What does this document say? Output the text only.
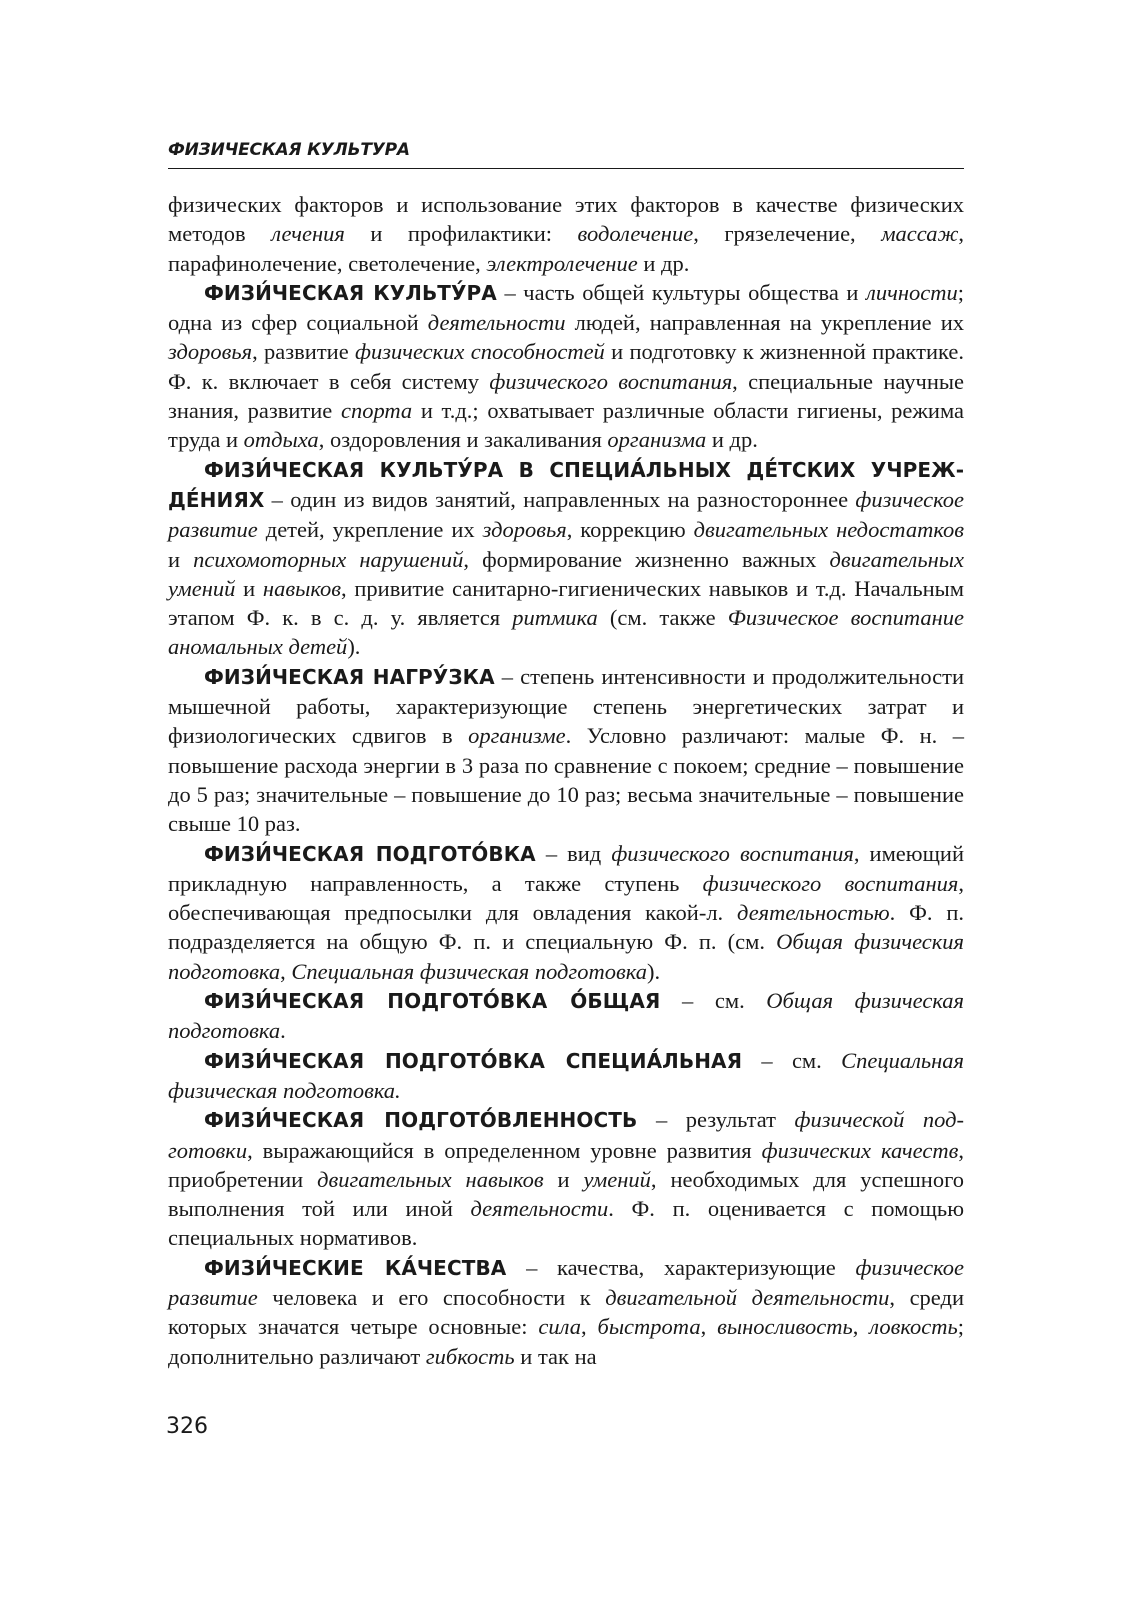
ФИЗИЧЕСКАЯ КУЛЬТУРА

физических факторов и использование этих факторов в качестве физических методов лечения и профилактики: водолечение, грязелечение, массаж, парафинолечение, светолечение, электролечение и др.

ФИЗИ́ЧЕСКАЯ КУЛЬТУ́РА – часть общей культуры общества и личности; одна из сфер социальной деятельности людей, направленная на укрепление их здоровья, развитие физических способностей и подготовку к жизненной практике. Ф. к. включает в себя систему физического воспитания, специальные научные знания, развитие спорта и т.д.; охватывает различные области гигиены, режима труда и отдыха, оздоровления и закаливания организма и др.

ФИЗИ́ЧЕСКАЯ КУЛЬТУ́РА В СПЕЦИА́ЛЬНЫХ ДЕ́ТСКИХ УЧРЕЖДЕ́НИЯХ – один из видов занятий, направленных на разностороннее физическое развитие детей, укрепление их здоровья, коррекцию двигательных недостатков и психомоторных нарушений, формирование жизненно важных двигательных умений и навыков, привитие санитарно-гигиенических навыков и т.д. Начальным этапом Ф. к. в с. д. у. является ритмика (см. также Физическое воспитание аномальных детей).

ФИЗИ́ЧЕСКАЯ НАГРУ́ЗКА – степень интенсивности и продолжительности мышечной работы, характеризующие степень энергетических затрат и физиологических сдвигов в организме. Условно различают: малые Ф. н. – повышение расхода энергии в 3 раза по сравнение с покоем; средние – повышение до 5 раз; значительные – повышение до 10 раз; весьма значительные – повышение свыше 10 раз.

ФИЗИ́ЧЕСКАЯ ПОДГОТО́ВКА – вид физического воспитания, имеющий прикладную направленность, а также ступень физического воспитания, обеспечивающая предпосылки для овладения какой-л. деятельностью. Ф. п. подразделяется на общую Ф. п. и специальную Ф. п. (см. Общая физическия подготовка, Специальная физическая подготовка).

ФИЗИ́ЧЕСКАЯ ПОДГОТО́ВКА О́БЩАЯ – см. Общая физическая подготовка.

ФИЗИ́ЧЕСКАЯ ПОДГОТО́ВКА СПЕЦИА́ЛЬНАЯ – см. Специальная физическая подготовка.

ФИЗИ́ЧЕСКАЯ ПОДГОТО́ВЛЕННОСТЬ – результат физической подготовки, выражающийся в определенном уровне развития физических качеств, приобретении двигательных навыков и умений, необходимых для успешного выполнения той или иной деятельности. Ф. п. оценивается с помощью специальных нормативов.

ФИЗИ́ЧЕСКИЕ КА́ЧЕСТВА – качества, характеризующие физическое развитие человека и его способности к двигательной деятельности, среди которых значатся четыре основные: сила, быстрота, выносливость, ловкость; дополнительно различают гибкость и так на

326
